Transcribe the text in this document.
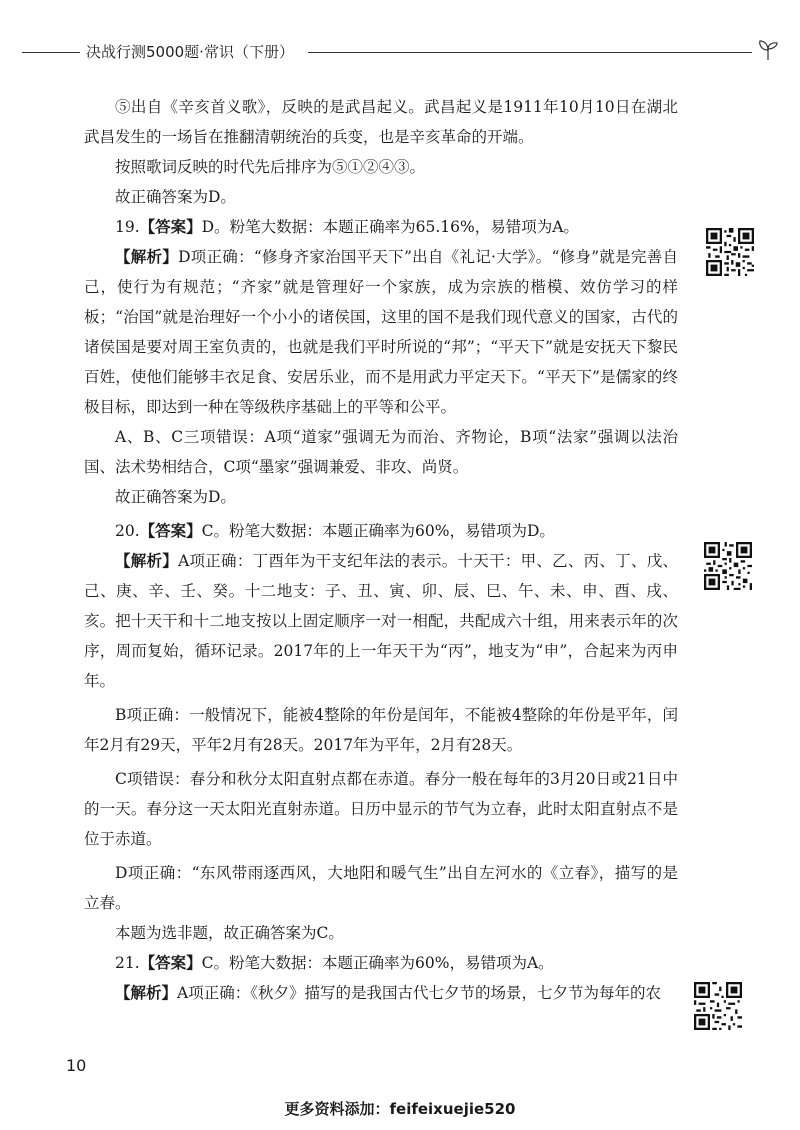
决战行测5000题·常识（下册）

⑤出自《辛亥首义歌》，反映的是武昌起义。武昌起义是1911年10月10日在湖北武昌发生的一场旨在推翻清朝统治的兵变，也是辛亥革命的开端。

按照歌词反映的时代先后排序为⑤①②④③。

故正确答案为D。

19.【答案】D。粉笔大数据：本题正确率为65.16%，易错项为A。

【解析】D项正确：“修身齐家治国平天下”出自《礼记·大学》。“修身”就是完善自己，使行为有规范；“齐家”就是管理好一个家族，成为宗族的楷模、效仿学习的样板；“治国”就是治理好一个小小的诸侯国，这里的国不是我们现代意义的国家，古代的诸侯国是要对周王室负责的，也就是我们平时所说的“邦”；“平天下”就是安抚天下黎民百姓，使他们能够丰衣足食、安居乐业，而不是用武力平定天下。“平天下”是儒家的终极目标，即达到一种在等级秩序基础上的平等和公平。

A、B、C三项错误：A项“道家”强调无为而治、齐物论，B项“法家”强调以法治国、法术势相结合，C项“墨家”强调兼爱、非攻、尚贤。

故正确答案为D。

20.【答案】C。粉笔大数据：本题正确率为60%，易错项为D。

【解析】A项正确：丁酉年为干支纪年法的表示。十天干：甲、乙、丙、丁、戊、己、庚、辛、壬、癸。十二地支：子、丑、寅、卯、辰、巳、午、未、申、酉、戌、亥。把十天干和十二地支按以上固定顺序一对一相配，共配成六十组，用来表示年的次序，周而复始，循环记录。2017年的上一年天干为“丙”，地支为“申”，合起来为丙申年。

B项正确：一般情况下，能被4整除的年份是闰年，不能被4整除的年份是平年，闰年2月有29天，平年2月有28天。2017年为平年，2月有28天。

C项错误：春分和秋分太阳直射点都在赤道。春分一般在每年的3月20日或21日中的一天。春分这一天太阳光直射赤道。日历中显示的节气为立春，此时太阳直射点不是位于赤道。

D项正确：“东风带雨逐西风，大地阳和暖气生”出自左河水的《立春》，描写的是立春。

本题为选非题，故正确答案为C。

21.【答案】C。粉笔大数据：本题正确率为60%，易错项为A。

【解析】A项正确：《秋夕》描写的是我国古代七夕节的场景，七夕节为每年的农

10
更多资料添加：feifeixuejie520
